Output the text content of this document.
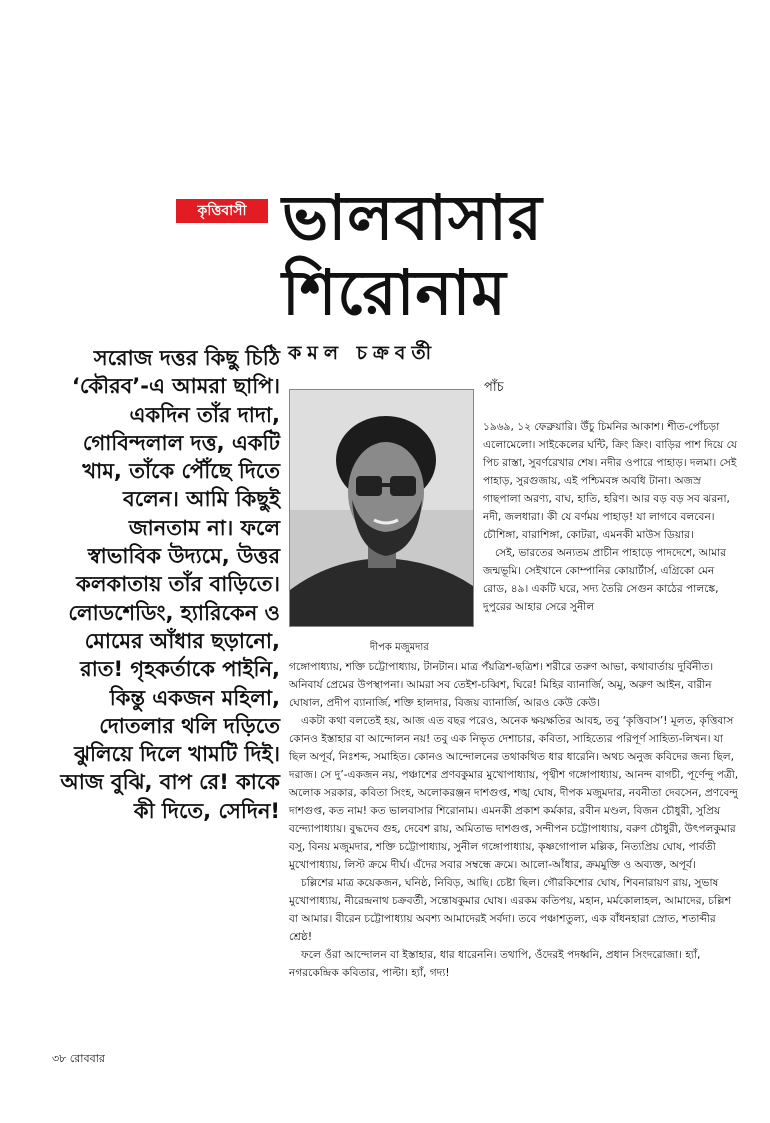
কৃত্তিবাসী ভালবাসার
শিরোনাম
কমল চক্রবর্তী
সরোজ দত্তর কিছু চিঠি ‘কৌরব’-এ আমরা ছাপি। একদিন তাঁর দাদা, গোবিন্দলাল দত্ত, একটি খাম, তাঁকে পৌঁছে দিতে বলেন। আমি কিছুই জানতাম না। ফলে স্বাভাবিক উদ্যমে, উত্তর কলকাতায় তাঁর বাড়িতে। লোডশেডিং, হ্যারিকেন ও মোমের আঁধার ছড়ানো, রাত! গৃহকর্তাকে পাইনি, কিন্তু একজন মহিলা, দোতলার থলি দড়িতে ঝুলিয়ে দিলে খামটি দিই। আজ বুঝি, বাপ রে! কাকে কী দিতে, সেদিন!
পাঁচ
দীপক মজুমদার

১৯৬৯, ১২ ফেব্রুয়ারি। উঁচু চিমনির আকাশ। শীত-পোঁচড়া এলোমেলো। সাইকেলের ঘন্টি, ক্রিং ক্রিং। বাড়ির পাশ দিয়ে যে পিচ রাস্তা, সুবর্ণরেখার শেষ। নদীর ওপারে পাহাড়। দলমা। সেই পাহাড়, সুরগুজায়, এই পশ্চিমবঙ্গ অবধি টানা। অজস্র গাছপালা অরণ্য, বাঘ, হাতি, হরিণ। আর বড় বড় সব ঝরনা, নদী, জলধারা। কী যে বর্ণময় পাহাড়! যা লাগবে বলবেন। চৌশিঙ্গা, বারাশিঙ্গা, কোটরা, এমনকী মাউস ডিয়ার।

সেই, ভারতের অন্যতম প্রাচীন পাহাড়ে পাদদেশে, আমার জন্মভূমি। সেইখানে কোম্পানির কোয়ার্টার্স, এগ্রিকো মেন রোড, ৪৯। একটি ঘরে, সদ্য তৈরি সেগুন কাঠের পালঙ্কে, দুপুরের আহার সেরে সুনীল

গঙ্গোপাধ্যায়, শক্তি চট্টোপাধ্যায়, টানটান। মাত্র পঁয়ত্রিশ-ছত্রিশ। শরীরে তরুণ আভা, কথাবার্তায় দুর্বিনীত। অনিবার্য প্রেমের উপস্থাপনা। আমরা সব তেইশ-চব্বিশ, ঘিরে! মিহির ব্যানার্জি, অমু, অরুণ আইন, বারীন ঘোষাল, প্রদীপ ব্যানার্জি, শক্তি হালদার, বিজয় ব্যানার্জি, আরও কেউ কেউ।

একটা কথা বলতেই হয়, আজ এত বছর পরেও, অনেক ক্ষয়ক্ষতির আবহ, তবু ‘কৃত্তিবাস’! মূলত, কৃত্তিবাস কোনও ইস্তাহার বা আন্দোলন নয়! তবু এক নিভৃত দেশাচার, কবিতা, সাহিত্যের পরিপূর্ণ সাহিত্য-লিখন। যা ছিল অপূর্ব, নিঃশব্দ, সমাহিত। কোনও আন্দোলনের তথাকথিত ধার ধারেনি। অথচ অনুজ কবিদের জন্য ছিল, দরাজ। সে দু’-একজন নয়, পঞ্চাশের প্রণবকুমার মুখোপাধ্যায়, পৃথ্বীশ গঙ্গোপাধ্যায়, আনন্দ বাগচী, পূর্ণেন্দু পত্রী, অলোক সরকার, কবিতা সিংহ, অলোকরঞ্জন দাশগুপ্ত, শঙ্খ ঘোষ, দীপক মজুমদার, নবনীতা দেবসেন, প্রণবেন্দু দাশগুপ্ত, কত নাম! কত ভালবাসার শিরোনাম। এমনকী প্রকাশ কর্মকার, রবীন মণ্ডল, বিজন চৌধুরী, সুপ্রিয় বন্দ্যোপাধ্যায়। বুদ্ধদেব গুহ, দেবেশ রায়, অমিতাভ দাশগুপ্ত, সন্দীপন চট্টোপাধ্যায়, বরুণ চৌধুরী, উৎপলকুমার বসু, বিনয় মজুমদার, শক্তি চট্টোপাধ্যায়, সুনীল গঙ্গোপাধ্যায়, কৃষ্ণগোপাল মল্লিক, নিত্যপ্রিয় ঘোষ, পার্বতী মুখোপাধ্যায়, লিস্ট ক্রমে দীর্ঘ। এঁদের সবার সম্বন্ধে ক্রমে। আলো-আঁধার, ক্রমমুক্তি ও অব্যক্ত, অপূর্ব।

চল্লিশের মাত্র কয়েকজন, ঘনিষ্ঠ, নিবিড়, আছি। চেষ্টা ছিল। গৌরকিশোর ঘোষ, শিবনারায়ণ রায়, সুভাষ মুখোপাধ্যায়, নীরেন্দ্রনাথ চক্রবর্তী, সন্তোষকুমার ঘোষ। এরকম কতিপয়, মহান, মর্মকোলাহল, আমাদের, চল্লিশ বা আমার। বীরেন চট্টোপাধ্যায় অবশ্য আমাদেরই সর্বদা। তবে পঞ্চাশতুল্য, এক বাঁধনহারা স্রোত, শতাব্দীর শ্রেষ্ঠ!

ফলে ওঁরা আন্দোলন বা ইস্তাহার, ধার ধারেননি। তথাপি, ওঁদেরই পদধ্বনি, প্রধান সিংদরোজা। হ্যাঁ, নগরকেন্দ্রিক কবিতার, পাল্টা। হ্যাঁ, গদ্য!

৩৮ রোববার
